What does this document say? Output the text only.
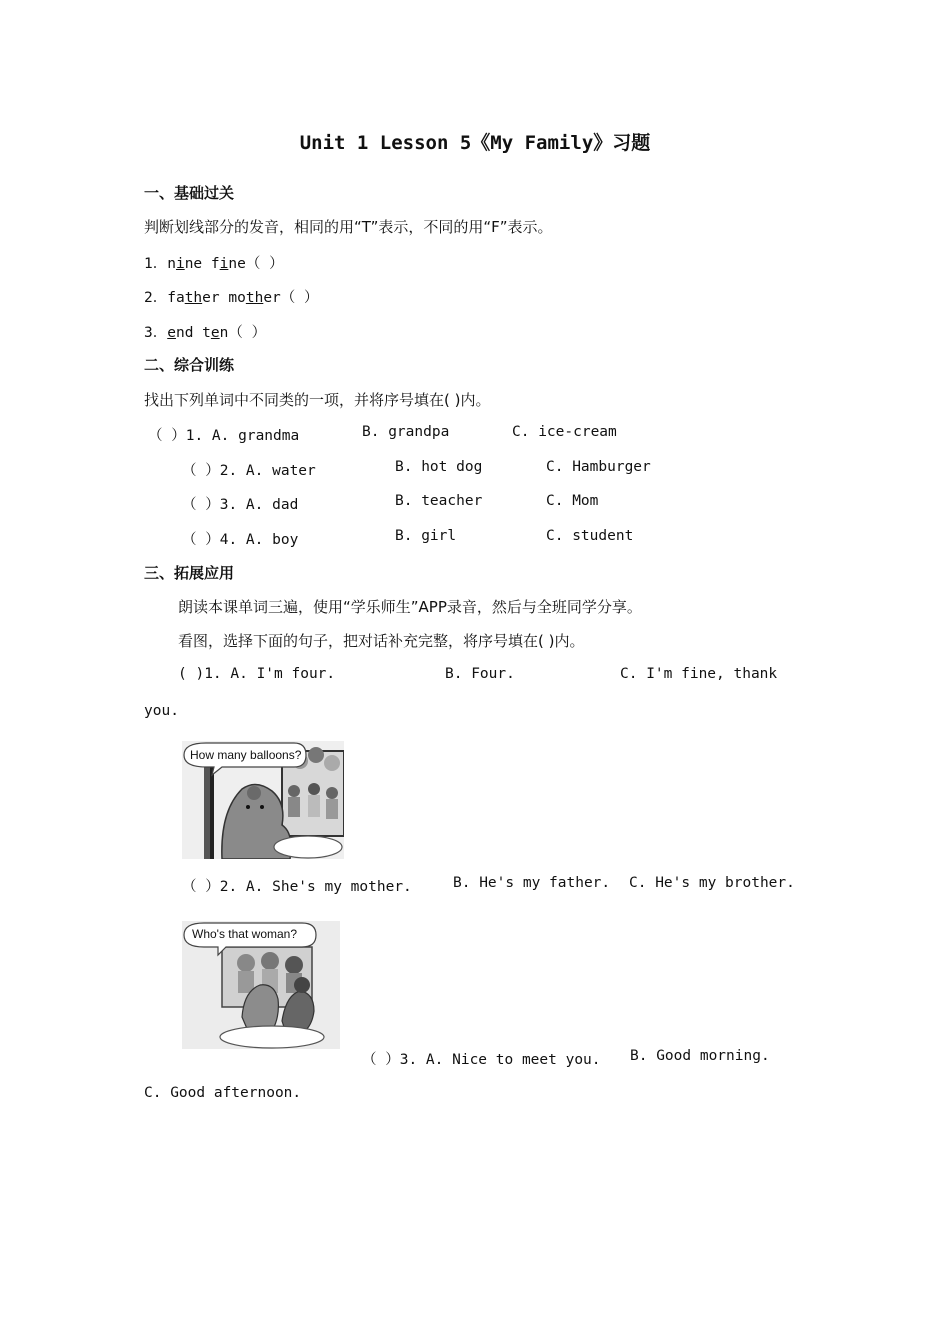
Unit 1 Lesson 5《My Family》习题
一、基础过关
判断划线部分的发音，相同的用“T”表示，不同的用“F”表示。
1．nine fine（ ）
2．father mother（ ）
3．end ten（ ）
二、综合训练
找出下列单词中不同类的一项，并将序号填在( )内。
（ ）1. A. grandma	B. grandpa	C. ice-cream
（ ）2. A. water	B. hot dog	C. Hamburger
（ ）3. A. dad	B. teacher	C. Mom
（ ）4. A. boy	B. girl	C. student
三、拓展应用
朗读本课单词三遍，使用“学乐师生”APP录音，然后与全班同学分享。
看图，选择下面的句子，把对话补充完整，将序号填在( )内。
( )1. A. I'm four.	B. Four.	C. I'm fine, thank
you.
How many balloons?
（ ）2. A. She's my mother.	B. He's my father. C. He's my brother.
Who's that woman?
（ ）3. A. Nice to meet you. B. Good morning.
C. Good afternoon.
